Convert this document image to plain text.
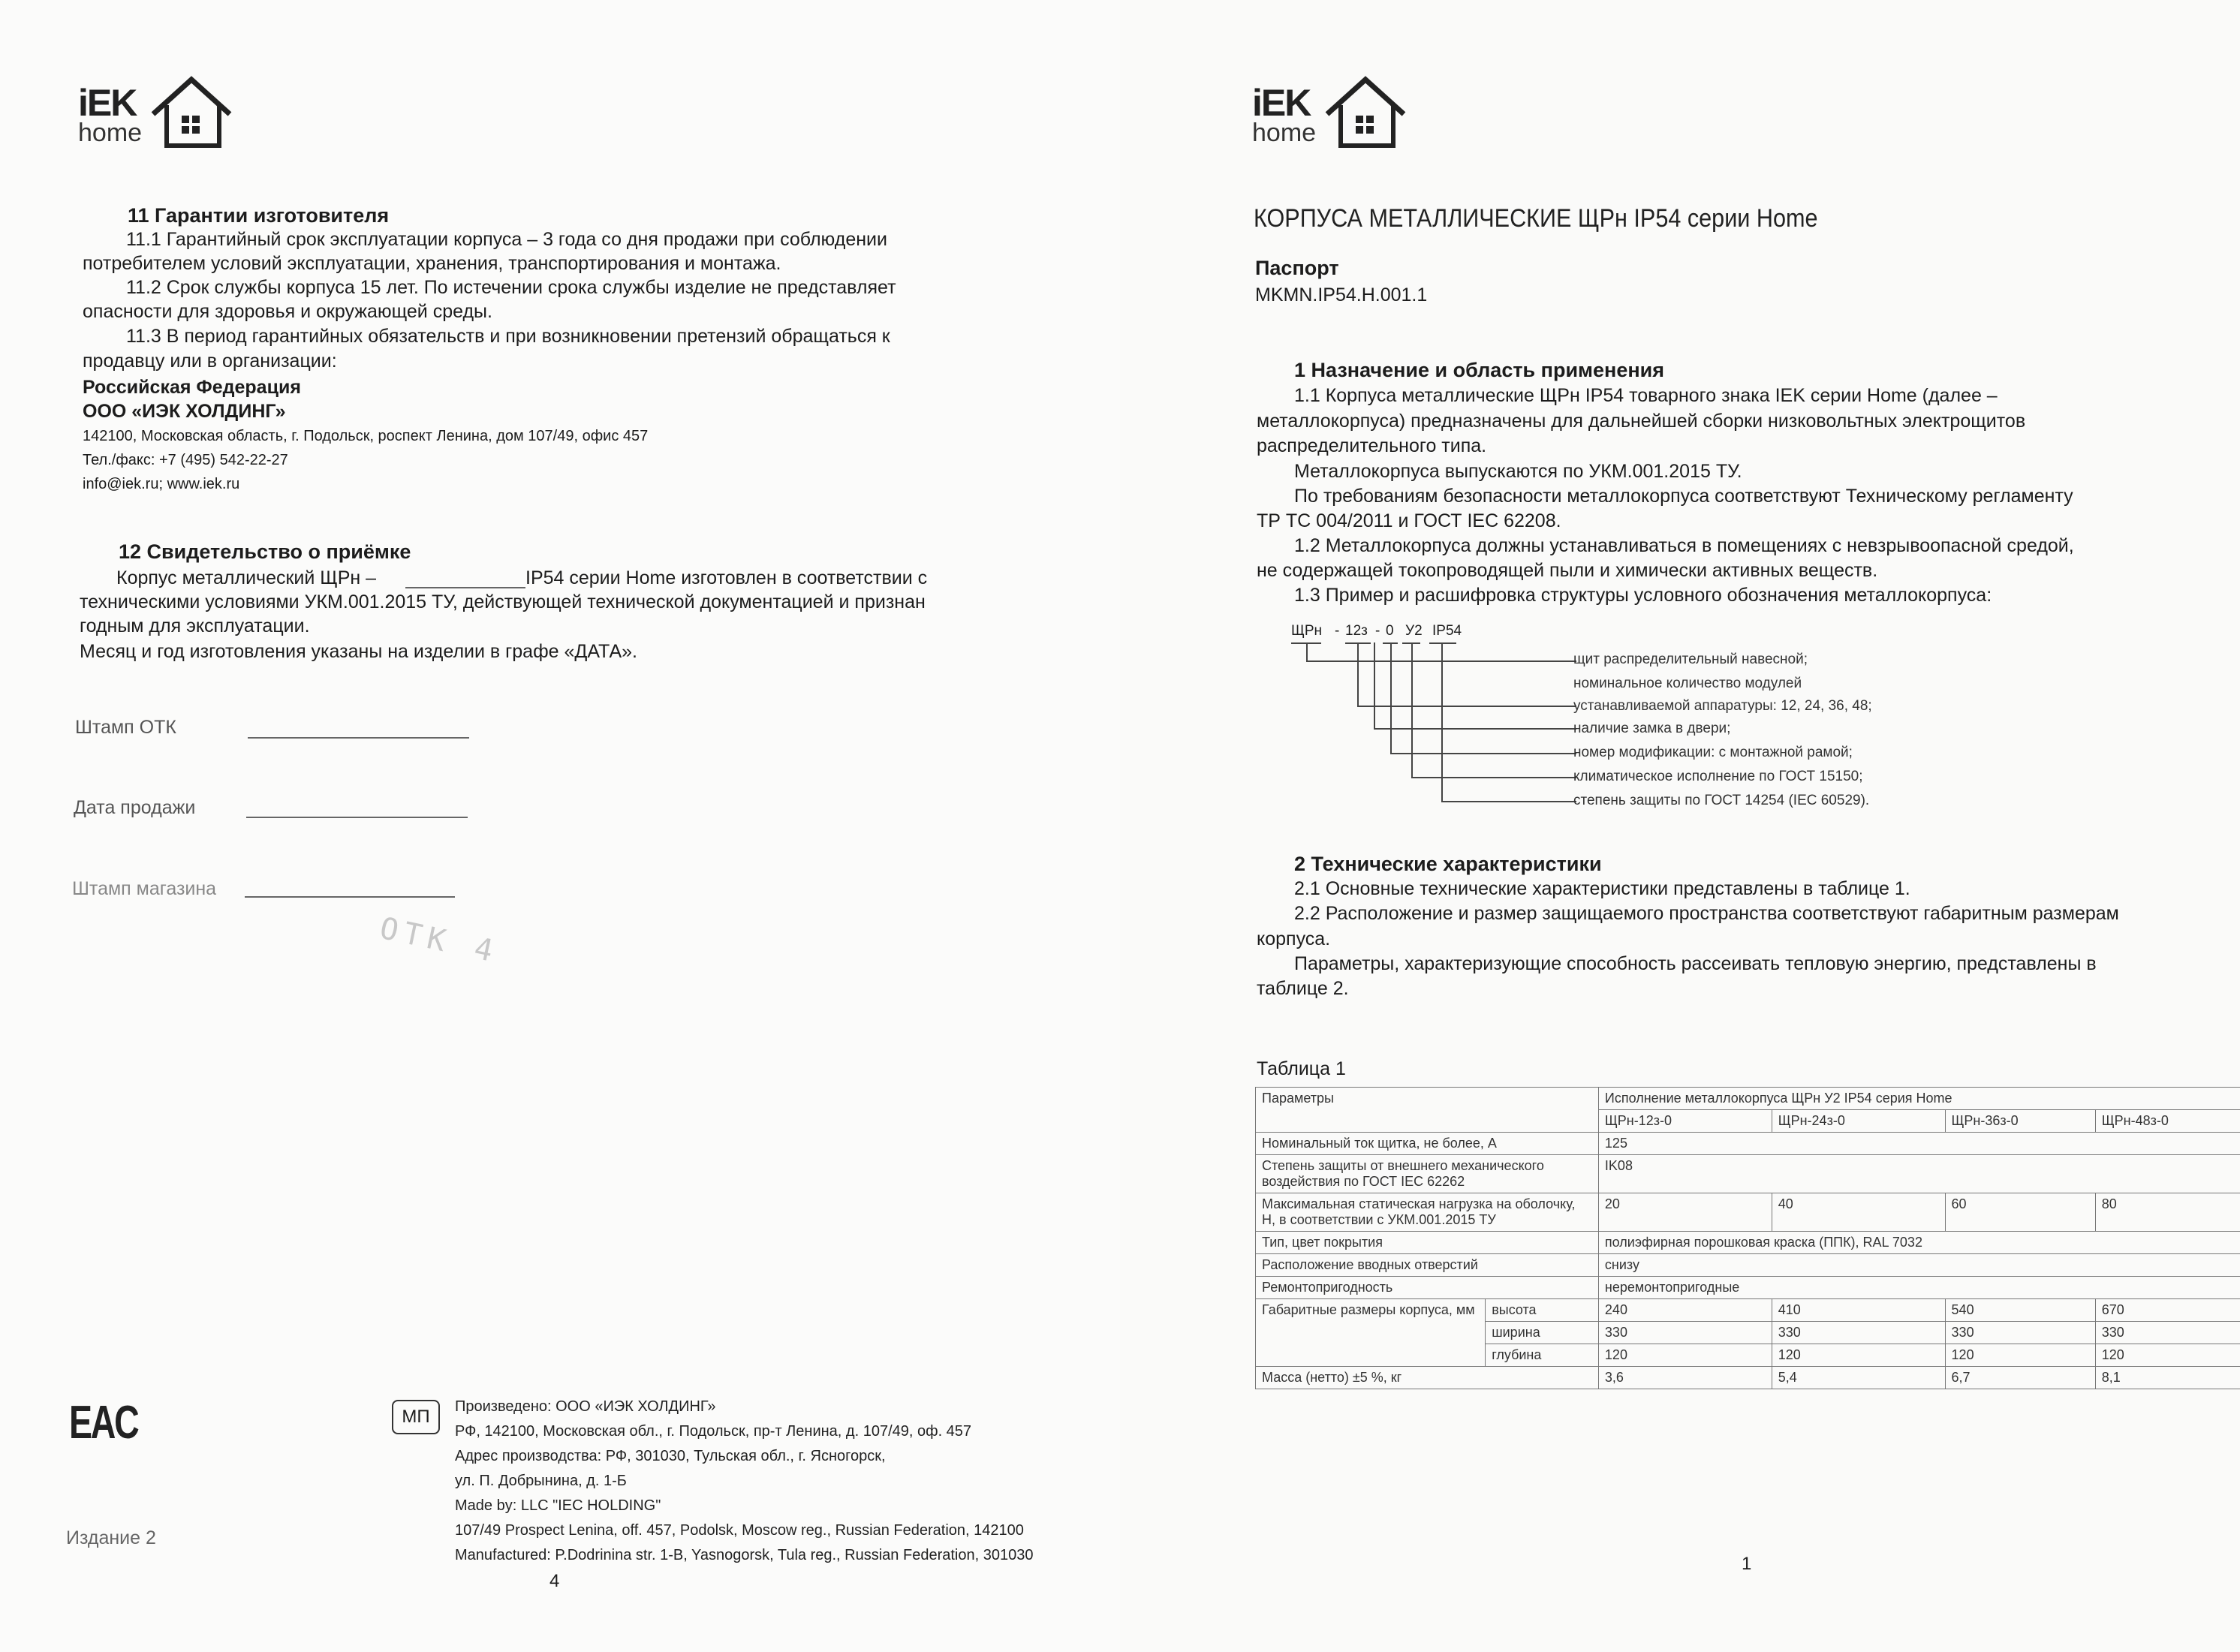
iEK
home
11 Гарантии изготовителя
11.1 Гарантийный срок эксплуатации корпуса – 3 года со дня продажи при соблюдении
потребителем условий эксплуатации, хранения, транспортирования и монтажа.
11.2 Срок службы корпуса 15 лет. По истечении срока службы изделие не представляет
опасности для здоровья и окружающей среды.
11.3 В период гарантийных обязательств и при возникновении претензий обращаться к
продавцу или в организации:
Российская Федерация
ООО «ИЭК ХОЛДИНГ»
142100, Московская область, г. Подольск, роспект Ленина, дом 107/49, офис 457
Тел./факс: +7 (495) 542-22-27
info@iek.ru; www.iek.ru
12 Свидетельство о приёмке
Корпус металлический ЩРн –	IP54 серии Home изготовлен в соответствии с
техническими условиями УКМ.001.2015 ТУ, действующей технической документацией и признан
годным для эксплуатации.
Месяц и год изготовления указаны на изделии в графе «ДАТА».
Штамп ОТК
Дата продажи
Штамп магазина
ОТК 4
EAC	МП	Произведено: ООО «ИЭК ХОЛДИНГ»
РФ, 142100, Московская обл., г. Подольск, пр-т Ленина, д. 107/49, оф. 457
Адрес производства: РФ, 301030, Тульская обл., г. Ясногорск,
ул. П. Добрынина, д. 1-Б
Made by: LLC "IEC HOLDING"
107/49 Prospect Lenina, off. 457, Podolsk, Moscow reg., Russian Federation, 142100
Manufactured: P.Dodrinina str. 1-B, Yasnogorsk, Tula reg., Russian Federation, 301030
Издание 2
4
iEK
home
КОРПУСА МЕТАЛЛИЧЕСКИЕ ЩРн IP54 серии Home
Паспорт
MKMN.IP54.H.001.1
1 Назначение и область применения
1.1 Корпуса металлические ЩРн IP54 товарного знака IEK серии Home (далее –
металлокорпуса) предназначены для дальнейшей сборки низковольтных электрощитов
распределительного типа.
Металлокорпуса выпускаются по УКМ.001.2015 ТУ.
По требованиям безопасности металлокорпуса соответствуют Техническому регламенту
ТР ТС 004/2011 и ГОСТ IEC 62208.
1.2 Металлокорпуса должны устанавливаться в помещениях с невзрывоопасной средой,
не содержащей токопроводящей пыли и химически активных веществ.
1.3 Пример и расшифровка структуры условного обозначения металлокорпуса:
ЩРн - 12з - 0 У2 IP54
щит распределительный навесной;
номинальное количество модулей
устанавливаемой аппаратуры: 12, 24, 36, 48;
наличие замка в двери;
номер модификации: с монтажной рамой;
климатическое исполнение по ГОСТ 15150;
степень защиты по ГОСТ 14254 (IEC 60529).
2 Технические характеристики
2.1 Основные технические характеристики представлены в таблице 1.
2.2 Расположение и размер защищаемого пространства соответствуют габаритным размерам
корпуса.
Параметры, характеризующие способность рассеивать тепловую энергию, представлены в
таблице 2.
Таблица 1
Параметры		Исполнение металлокорпуса ЩРн У2 IP54 серия Home			
		ЩРн-12з-0	ЩРн-24з-0	ЩРн-36з-0	ЩРн-48з-0
Номинальный ток щитка, не более, А		125			
Степень защиты от внешнего механического воздействия по ГОСТ IEC 62262		IK08			
Максимальная статическая нагрузка на оболочку, Н, в соответствии с УКМ.001.2015 ТУ		20	40	60	80
Тип, цвет покрытия		полиэфирная порошковая краска (ППК), RAL 7032			
Расположение вводных отверстий		снизу			
Ремонтопригодность		неремонтопригодные			
Габаритные размеры корпуса, мм	высота	240	410	540	670
	ширина	330	330	330	330
	глубина	120	120	120	120
Масса (нетто) ±5 %, кг		3,6	5,4	6,7	8,1
1
